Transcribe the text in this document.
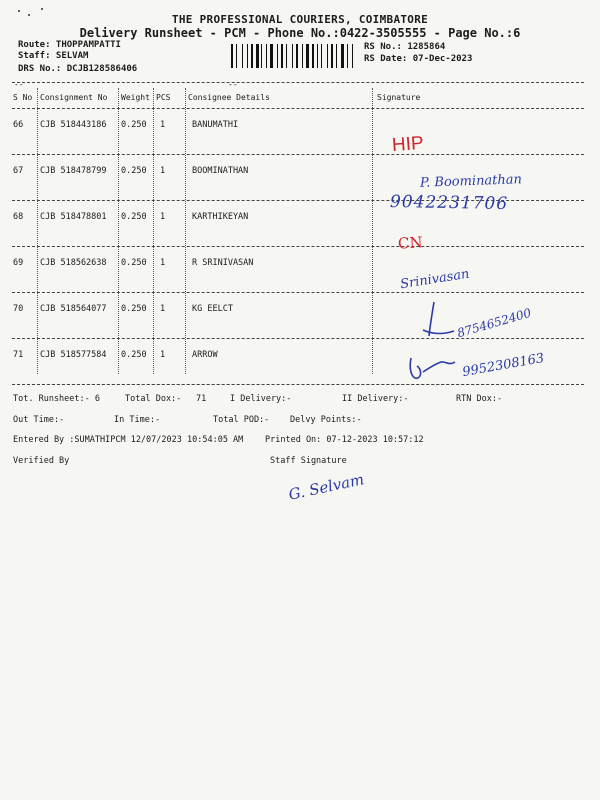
THE PROFESSIONAL COURIERS, COIMBATORE
Delivery Runsheet - PCM - Phone No.:0422-3505555 - Page No.:6
Route: THOPPAMPATTI
Staff: SELVAM
DRS No.: DCJB128586406
RS No.: 1285864
RS Date: 07-Dec-2023
--	--
S No Consignment No Weight PCS Consignee Details	Signature
66 CJB 518443186 0.250 1	BANUMATHI
67 CJB 518478799 0.250 1	BOOMINATHAN
68 CJB 518478801 0.250 1	KARTHIKEYAN
69 CJB 518562638 0.250 1	R SRINIVASAN
70 CJB 518564077 0.250 1	KG EELCT
71 CJB 518577584 0.250 1	ARROW
HIP
P. Boominathan
9042231706
CN
Srinivasan
8754652400
9952308163
Tot. Runsheet:- 6	Total Dox:- 71	I Delivery:-	II Delivery:-	RTN Dox:-
Out Time:-	In Time:-	Total POD:- Delvy Points:-
Entered By :SUMATHIPCM 12/07/2023 10:54:05 AM	Printed On: 07-12-2023 10:57:12
Verified By	Staff Signature
G. Selvam
